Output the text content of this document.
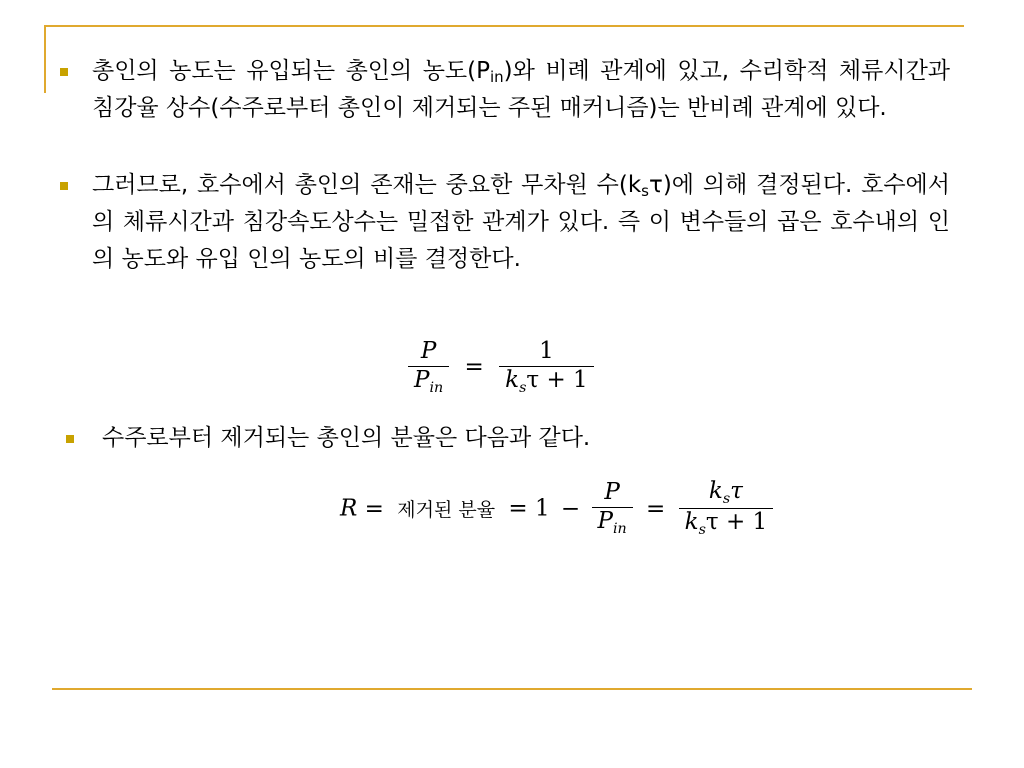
총인의 농도는 유입되는 총인의 농도$(P_{in})$와 비례 관계에 있고, 수리학적 체류시간과 침강율 상수(수주로부터 총인이 제거되는 주된 매커니즘)는 반비례 관계에 있다.
그러므로, 호수에서 총인의 존재는 중요한 무차원 수$(k_s\tau)$에 의해 결정된다. 호수에서의 체류시간과 침강속도상수는 밀접한 관계가 있다. 즉 이 변수들의 곱은 호수내의 인의 농도와 유입 인의 농도의 비를 결정한다.
$\frac{P}{P_{in}} = \frac{1}{k_s\tau + 1}$
수주로부터 제거되는 총인의 분율은 다음과 같다.
R = 제거된 분율 = $1 - \frac{P}{P_{in}} = \frac{k_s\tau}{k_s\tau + 1}$
